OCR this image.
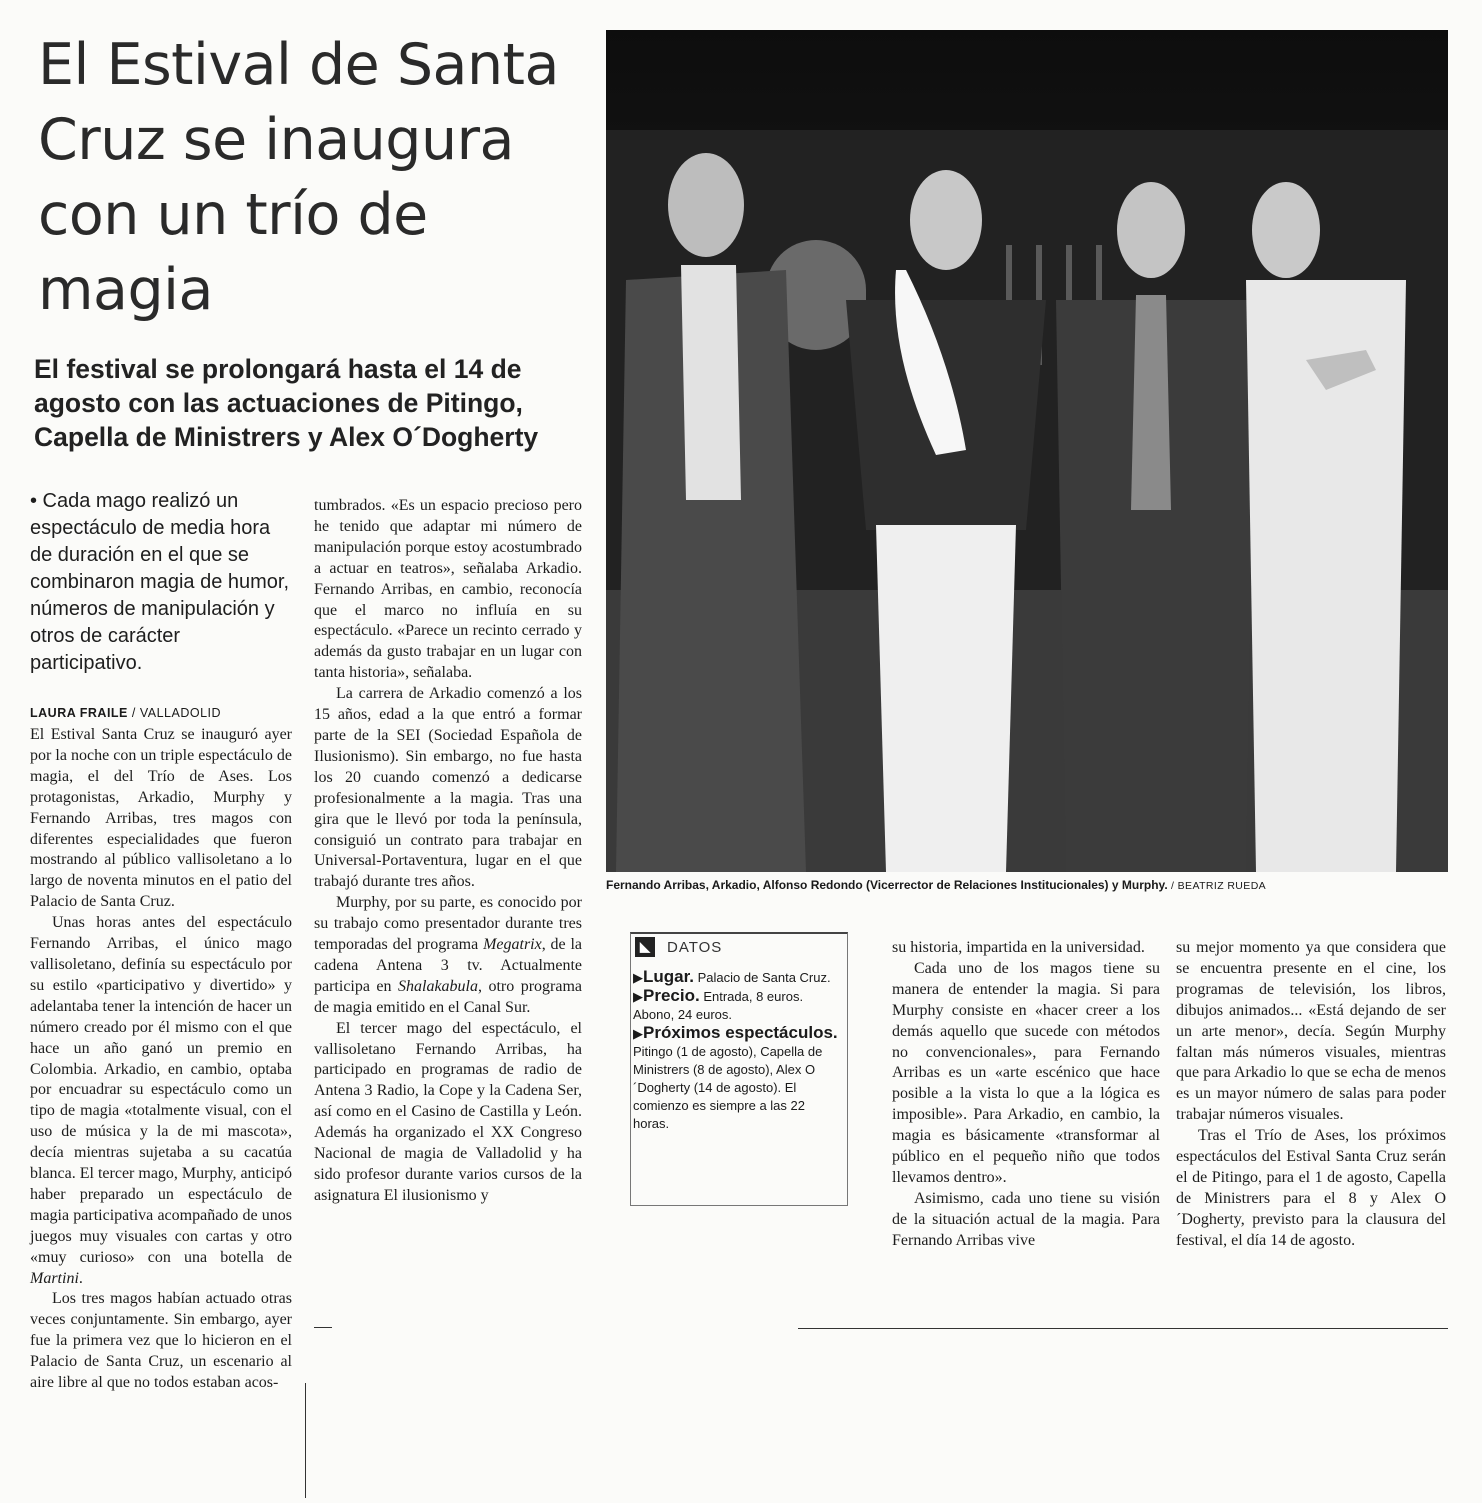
El Estival de Santa Cruz se inaugura con un trío de magia
El festival se prolongará hasta el 14 de agosto con las actuaciones de Pitingo, Capella de Ministrers y Alex O´Dogherty

• Cada mago realizó un espectáculo de media hora de duración en el que se combinaron magia de humor, números de manipulación y otros de carácter participativo.

LAURA FRAILE / VALLADOLID

El Estival Santa Cruz se inauguró ayer por la noche con un triple espectáculo de magia, el del Trío de Ases. Los protagonistas, Arkadio, Murphy y Fernando Arribas, tres magos con diferentes especialidades que fueron mostrando al público vallisoletano a lo largo de noventa minutos en el patio del Palacio de Santa Cruz.

Unas horas antes del espectáculo Fernando Arribas, el único mago vallisoletano, definía su espectáculo por su estilo «participativo y divertido» y adelantaba tener la intención de hacer un número creado por él mismo con el que hace un año ganó un premio en Colombia. Arkadio, en cambio, optaba por encuadrar su espectáculo como un tipo de magia «totalmente visual, con el uso de música y la de mi mascota», decía mientras sujetaba a su cacatúa blanca. El tercer mago, Murphy, anticipó haber preparado un espectáculo de magia participativa acompañado de unos juegos muy visuales con cartas y otro «muy curioso» con una botella de Martini.

Los tres magos habían actuado otras veces conjuntamente. Sin embargo, ayer fue la primera vez que lo hicieron en el Palacio de Santa Cruz, un escenario al aire libre al que no todos estaban acos-

tumbrados. «Es un espacio precioso pero he tenido que adaptar mi número de manipulación porque estoy acostumbrado a actuar en teatros», señalaba Arkadio. Fernando Arribas, en cambio, reconocía que el marco no influía en su espectáculo. «Parece un recinto cerrado y además da gusto trabajar en un lugar con tanta historia», señalaba.

La carrera de Arkadio comenzó a los 15 años, edad a la que entró a formar parte de la SEI (Sociedad Española de Ilusionismo). Sin embargo, no fue hasta los 20 cuando comenzó a dedicarse profesionalmente a la magia. Tras una gira que le llevó por toda la península, consiguió un contrato para trabajar en Universal-Portaventura, lugar en el que trabajó durante tres años.

Murphy, por su parte, es conocido por su trabajo como presentador durante tres temporadas del programa Megatrix, de la cadena Antena 3 tv. Actualmente participa en Shalakabula, otro programa de magia emitido en el Canal Sur.

El tercer mago del espectáculo, el vallisoletano Fernando Arribas, ha participado en programas de radio de Antena 3 Radio, la Cope y la Cadena Ser, así como en el Casino de Castilla y León. Además ha organizado el XX Congreso Nacional de magia de Valladolid y ha sido profesor durante varios cursos de la asignatura El ilusionismo y

Fernando Arribas, Arkadio, Alfonso Redondo (Vicerrector de Relaciones Institucionales) y Murphy. / BEATRIZ RUEDA

◣	DATOS
▶Lugar. Palacio de Santa Cruz.
▶Precio. Entrada, 8 euros. Abono, 24 euros.
▶Próximos espectáculos. Pitingo (1 de agosto), Capella de Ministrers (8 de agosto), Alex O´Dogherty (14 de agosto). El comienzo es siempre a las 22 horas.

su historia, impartida en la universidad.

Cada uno de los magos tiene su manera de entender la magia. Si para Murphy consiste en «hacer creer a los demás aquello que sucede con métodos no convencionales», para Fernando Arribas es un «arte escénico que hace posible a la vista lo que a la lógica es imposible». Para Arkadio, en cambio, la magia es básicamente «transformar al público en el pequeño niño que todos llevamos dentro».

Asimismo, cada uno tiene su visión de la situación actual de la magia. Para Fernando Arribas vive

su mejor momento ya que considera que se encuentra presente en el cine, los programas de televisión, los libros, dibujos animados... «Está dejando de ser un arte menor», decía. Según Murphy faltan más números visuales, mientras que para Arkadio lo que se echa de menos es un mayor número de salas para poder trabajar números visuales.

Tras el Trío de Ases, los próximos espectáculos del Estival Santa Cruz serán el de Pitingo, para el 1 de agosto, Capella de Ministrers para el 8 y Alex O´Dogherty, previsto para la clausura del festival, el día 14 de agosto.
